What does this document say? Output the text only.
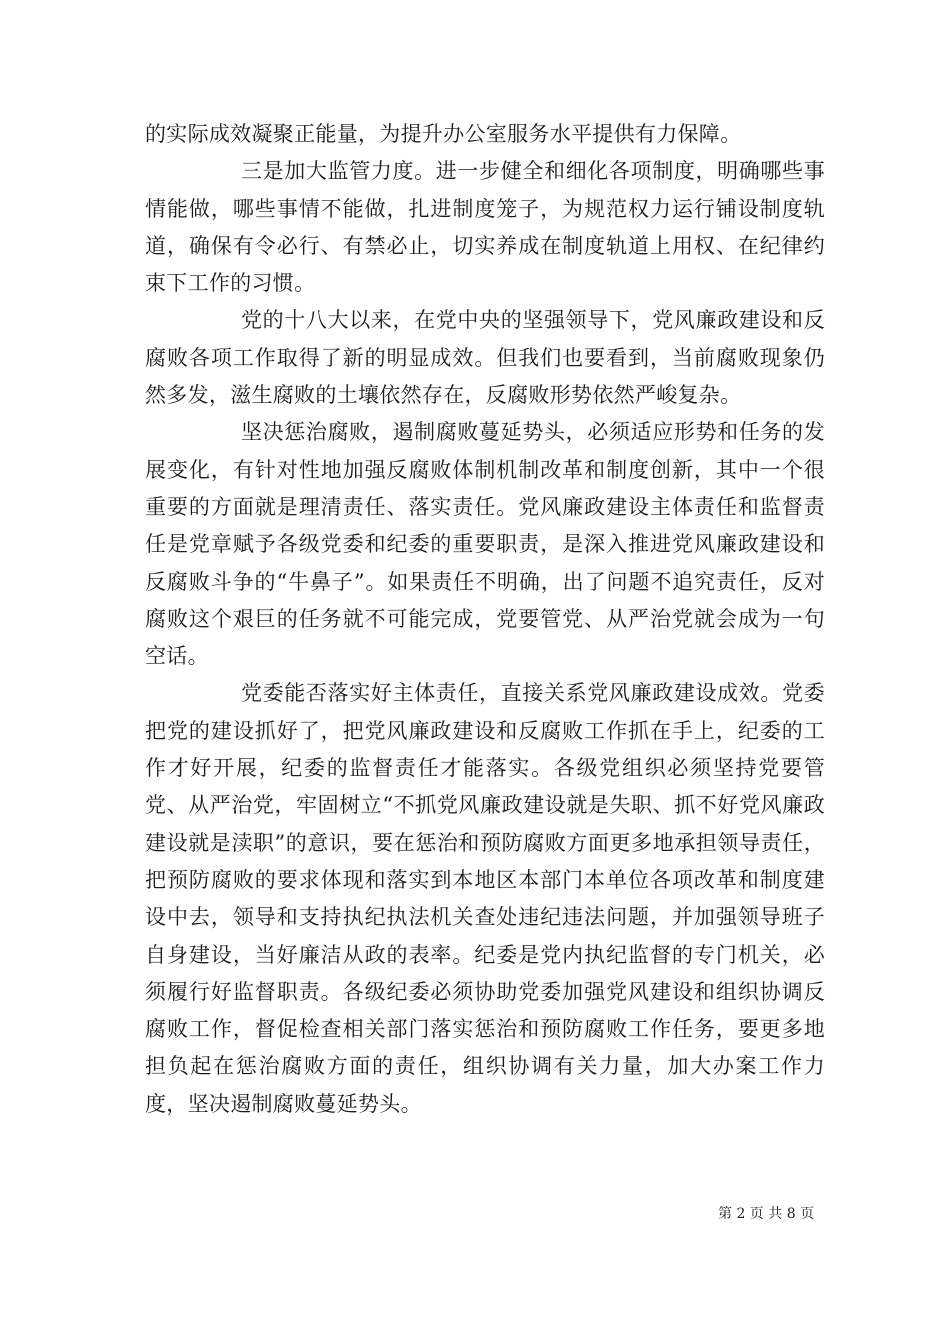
的实际成效凝聚正能量，为提升办公室服务水平提供有力保障。

三是加大监管力度。进一步健全和细化各项制度，明确哪些事情能做，哪些事情不能做，扎进制度笼子，为规范权力运行铺设制度轨道，确保有令必行、有禁必止，切实养成在制度轨道上用权、在纪律约束下工作的习惯。

党的十八大以来，在党中央的坚强领导下，党风廉政建设和反腐败各项工作取得了新的明显成效。但我们也要看到，当前腐败现象仍然多发，滋生腐败的土壤依然存在，反腐败形势依然严峻复杂。

坚决惩治腐败，遏制腐败蔓延势头，必须适应形势和任务的发展变化，有针对性地加强反腐败体制机制改革和制度创新，其中一个很重要的方面就是理清责任、落实责任。党风廉政建设主体责任和监督责任是党章赋予各级党委和纪委的重要职责，是深入推进党风廉政建设和反腐败斗争的“牛鼻子”。如果责任不明确，出了问题不追究责任，反对腐败这个艰巨的任务就不可能完成，党要管党、从严治党就会成为一句空话。

党委能否落实好主体责任，直接关系党风廉政建设成效。党委把党的建设抓好了，把党风廉政建设和反腐败工作抓在手上，纪委的工作才好开展，纪委的监督责任才能落实。各级党组织必须坚持党要管党、从严治党，牢固树立“不抓党风廉政建设就是失职、抓不好党风廉政建设就是渎职”的意识，要在惩治和预防腐败方面更多地承担领导责任，把预防腐败的要求体现和落实到本地区本部门本单位各项改革和制度建设中去，领导和支持执纪执法机关查处违纪违法问题，并加强领导班子自身建设，当好廉洁从政的表率。纪委是党内执纪监督的专门机关，必须履行好监督职责。各级纪委必须协助党委加强党风建设和组织协调反腐败工作，督促检查相关部门落实惩治和预防腐败工作任务，要更多地担负起在惩治腐败方面的责任，组织协调有关力量，加大办案工作力度，坚决遏制腐败蔓延势头。

第 2 页 共 8 页
